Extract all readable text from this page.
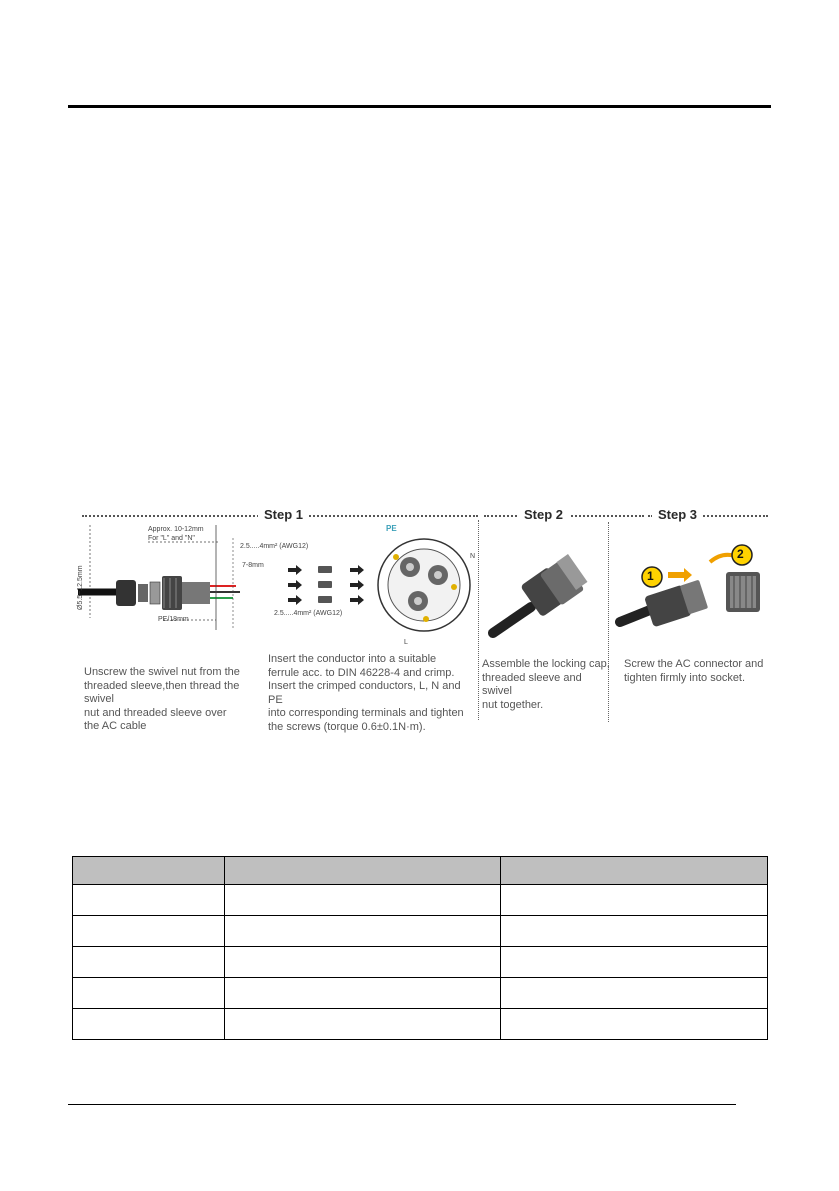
Step 1	Step 2	Step 3
Ø5.5~12.5mm
Approx. 10-12mm
For "L" and "N"
2.5.....4mm² (AWG12)
7-8mm
PE/18mm
2.5.....4mm² (AWG12)
PE
N
L
Unscrew the swivel nut from the
threaded sleeve,then thread the swivel
nut and threaded sleeve over
the AC cable
Insert the conductor into a suitable
ferrule acc. to DIN 46228-4 and crimp.
Insert the crimped conductors, L, N and PE
into corresponding terminals and tighten
the screws (torque 0.6±0.1N·m).
Assemble the locking cap,
threaded sleeve and swivel
nut together.
1
2
Screw the AC connector and
tighten firmly into socket.
